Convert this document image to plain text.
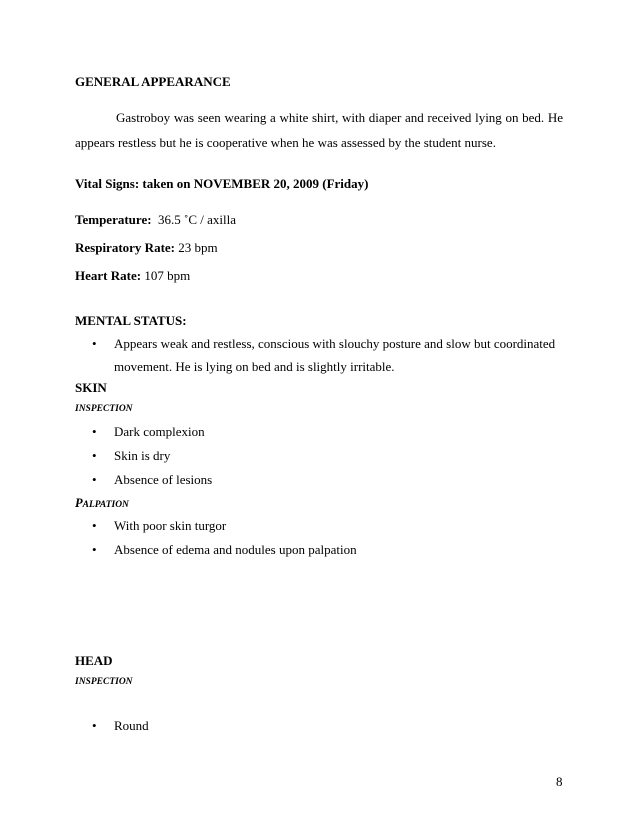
GENERAL APPEARANCE
Gastroboy was seen wearing a white shirt, with diaper and received lying on bed. He
appears restless but he is cooperative when he was assessed by the student nurse.
Vital Signs: taken on NOVEMBER 20, 2009 (Friday)
Temperature: 36.5 ˚C / axilla
Respiratory Rate: 23 bpm
Heart Rate: 107 bpm
MENTAL STATUS:
• Appears weak and restless, conscious with slouchy posture and slow but coordinated
movement. He is lying on bed and is slightly irritable.
SKIN
INSPECTION
• Dark complexion
• Skin is dry
• Absence of lesions
PALPATION
• With poor skin turgor
• Absence of edema and nodules upon palpation
HEAD
INSPECTION
• Round
8
